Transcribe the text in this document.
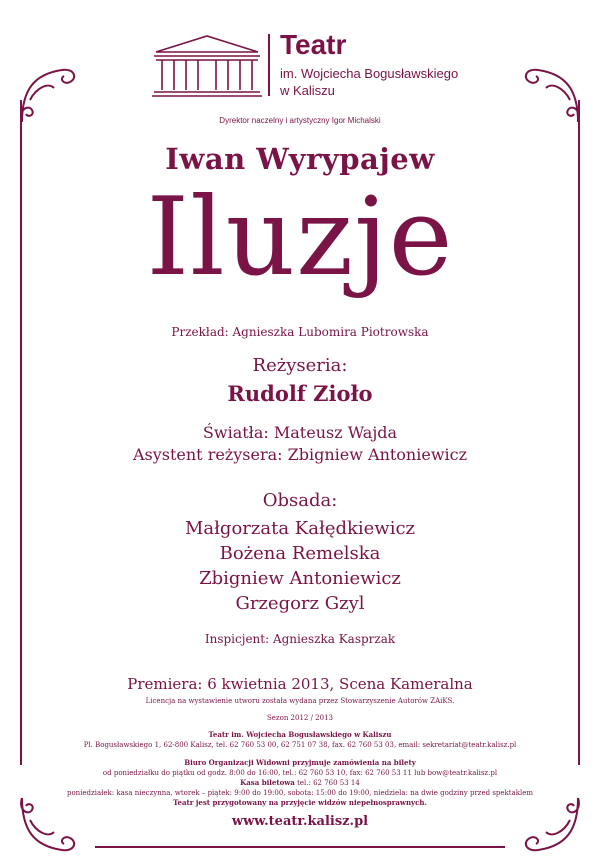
Teatr
im. Wojciecha Bogusławskiego
w Kaliszu
Dyrektor naczelny i artystyczny Igor Michalski
Iwan Wyrypajew
Iluzje
Przekład: Agnieszka Lubomira Piotrowska
Reżyseria:
Rudolf Zioło
Światła: Mateusz Wajda
Asystent reżysera: Zbigniew Antoniewicz
Obsada:
Małgorzata Kałędkiewicz
Bożena Remelska
Zbigniew Antoniewicz
Grzegorz Gzyl
Inspicjent: Agnieszka Kasprzak
Premiera: 6 kwietnia 2013, Scena Kameralna
Licencja na wystawienie utworu została wydana przez Stowarzyszenie Autorów ZAiKS.
Sezon 2012 / 2013
Teatr im. Wojciecha Bogusławskiego w Kaliszu
Pl. Bogusławskiego 1, 62-800 Kalisz, tel. 62 760 53 00, 62 751 07 38, fax. 62 760 53 03, email: sekretariat@teatr.kalisz.pl
Biuro Organizacji Widowni przyjmuje zamówienia na bilety
od poniedziałku do piątku od godz. 8:00 do 16:00, tel.: 62 760 53 10, fax: 62 760 53 11 lub bow@teatr.kalisz.pl
Kasa biletowa tel.: 62 760 53 14
poniedziałek: kasa nieczynna, wtorek – piątek: 9:00 do 19:00, sobota: 15:00 do 19:00, niedziela: na dwie godziny przed spektaklem
Teatr jest przygotowany na przyjęcie widzów niepełnosprawnych.
www.teatr.kalisz.pl
